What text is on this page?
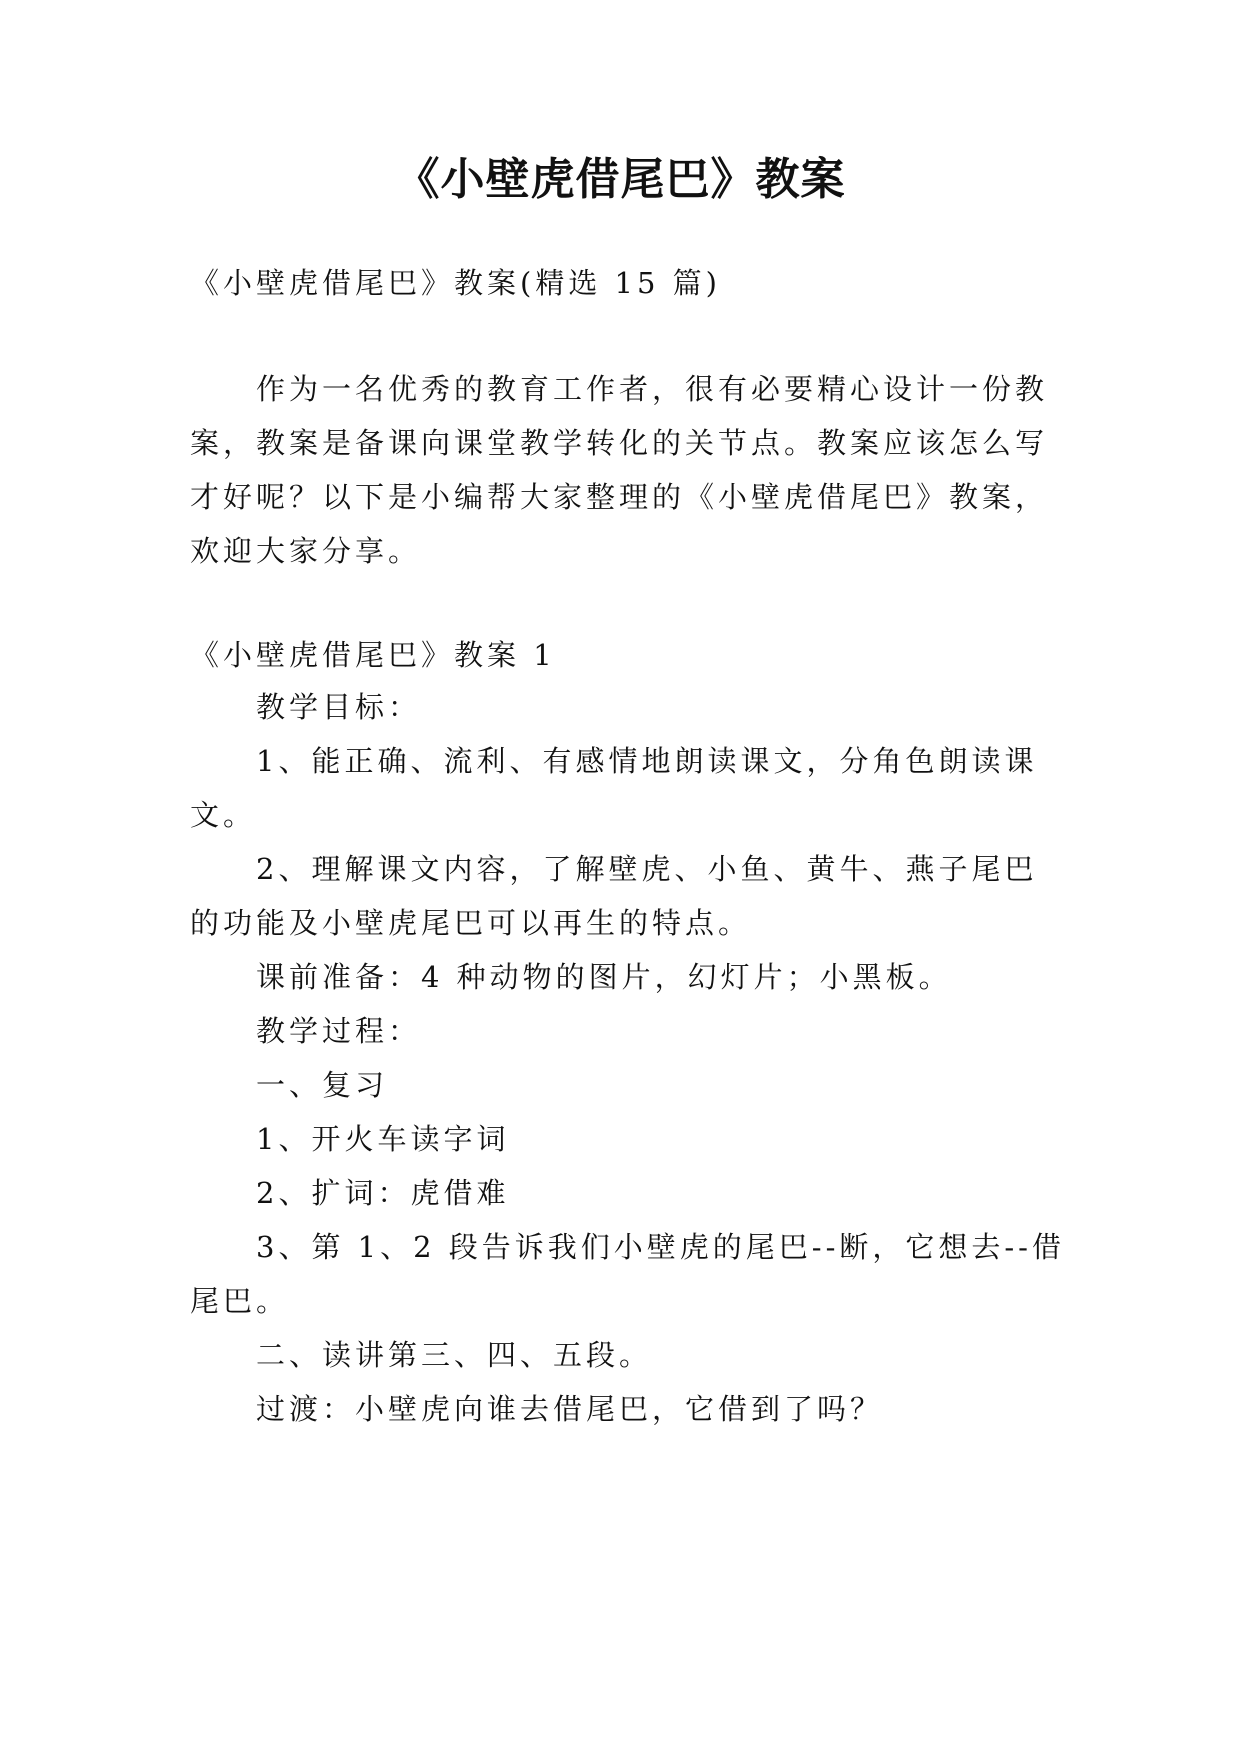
《小壁虎借尾巴》教案
《小壁虎借尾巴》教案(精选 15 篇)
作为一名优秀的教育工作者，很有必要精心设计一份教
案，教案是备课向课堂教学转化的关节点。教案应该怎么写
才好呢？以下是小编帮大家整理的《小壁虎借尾巴》教案，
欢迎大家分享。
《小壁虎借尾巴》教案 1
教学目标：
1、能正确、流利、有感情地朗读课文，分角色朗读课
文。
2、理解课文内容，了解壁虎、小鱼、黄牛、燕子尾巴
的功能及小壁虎尾巴可以再生的特点。
课前准备：4 种动物的图片，幻灯片；小黑板。
教学过程：
一、复习
1、开火车读字词
2、扩词：虎借难
3、第 1、2 段告诉我们小壁虎的尾巴--断，它想去--借
尾巴。
二、读讲第三、四、五段。
过渡：小壁虎向谁去借尾巴，它借到了吗？
